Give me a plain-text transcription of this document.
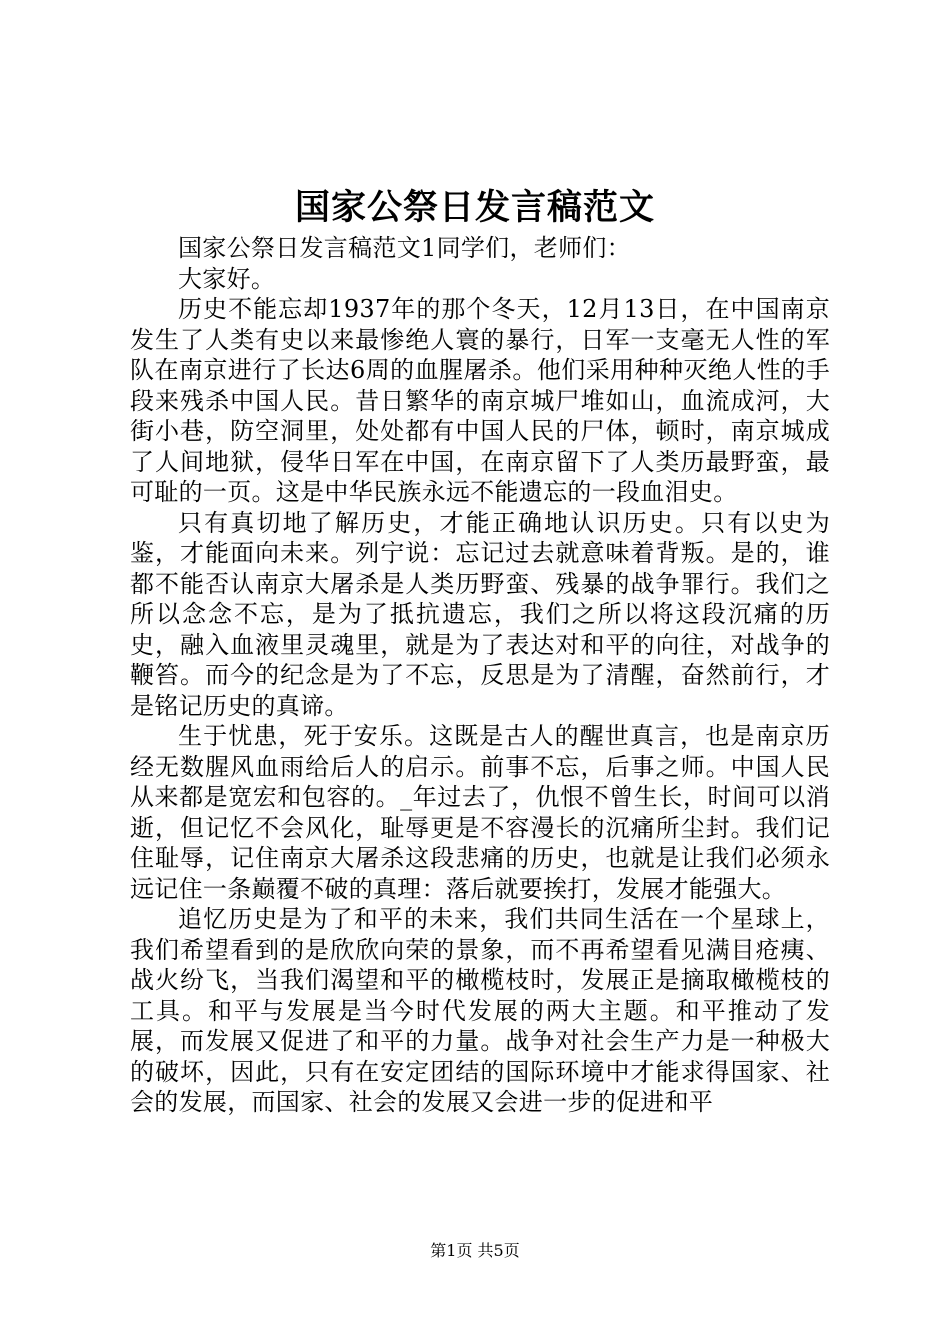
国家公祭日发言稿范文

国家公祭日发言稿范文1同学们，老师们：

大家好。

历史不能忘却1937年的那个冬天，12月13日，在中国南京发生了人类有史以来最惨绝人寰的暴行，日军一支毫无人性的军队在南京进行了长达6周的血腥屠杀。他们采用种种灭绝人性的手段来残杀中国人民。昔日繁华的南京城尸堆如山，血流成河，大街小巷，防空洞里，处处都有中国人民的尸体，顿时，南京城成了人间地狱，侵华日军在中国，在南京留下了人类历最野蛮，最可耻的一页。这是中华民族永远不能遗忘的一段血泪史。

只有真切地了解历史，才能正确地认识历史。只有以史为鉴，才能面向未来。列宁说：忘记过去就意味着背叛。是的，谁都不能否认南京大屠杀是人类历野蛮、残暴的战争罪行。我们之所以念念不忘，是为了抵抗遗忘，我们之所以将这段沉痛的历史，融入血液里灵魂里，就是为了表达对和平的向往，对战争的鞭笞。而今的纪念是为了不忘，反思是为了清醒，奋然前行，才是铭记历史的真谛。

生于忧患，死于安乐。这既是古人的醒世真言，也是南京历经无数腥风血雨给后人的启示。前事不忘，后事之师。中国人民从来都是宽宏和包容的。_年过去了，仇恨不曾生长，时间可以消逝，但记忆不会风化，耻辱更是不容漫长的沉痛所尘封。我们记住耻辱，记住南京大屠杀这段悲痛的历史，也就是让我们必须永远记住一条巅覆不破的真理：落后就要挨打，发展才能强大。

追忆历史是为了和平的未来，我们共同生活在一个星球上，我们希望看到的是欣欣向荣的景象，而不再希望看见满目疮痍、战火纷飞，当我们渴望和平的橄榄枝时，发展正是摘取橄榄枝的工具。和平与发展是当今时代发展的两大主题。和平推动了发展，而发展又促进了和平的力量。战争对社会生产力是一种极大的破坏，因此，只有在安定团结的国际环境中才能求得国家、社会的发展，而国家、社会的发展又会进一步的促进和平

第1页 共5页
